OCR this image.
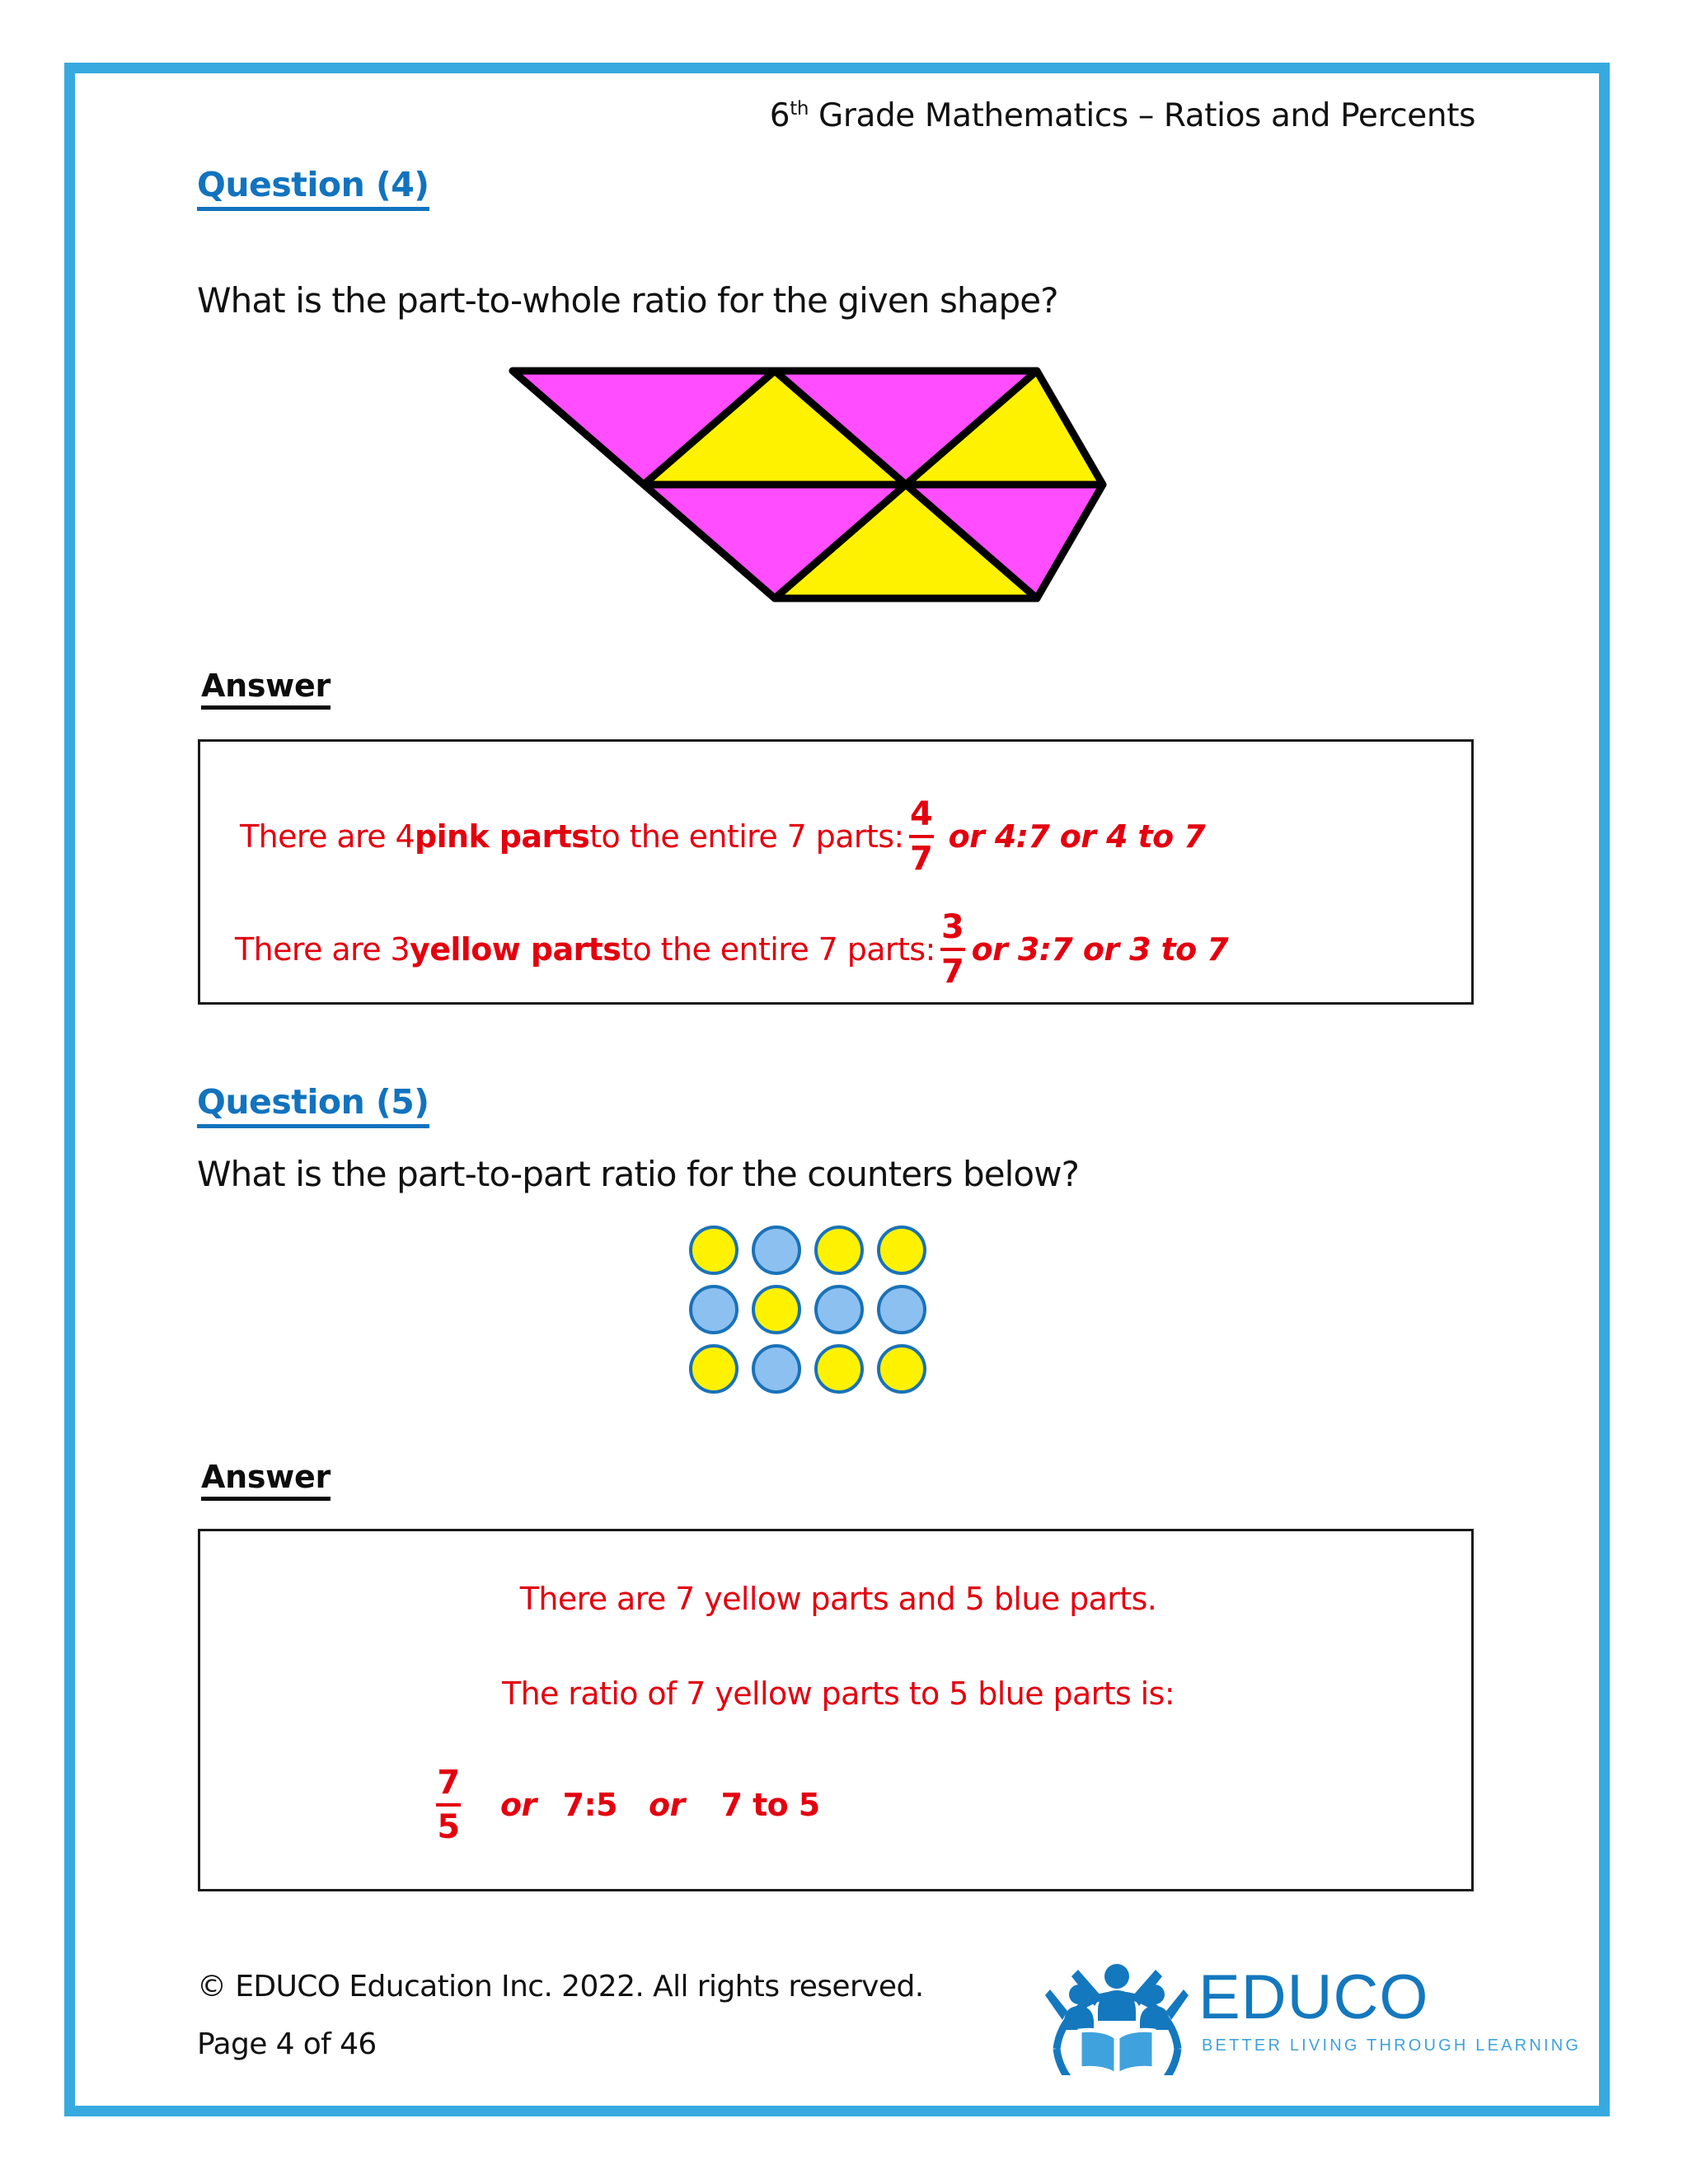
6th Grade Mathematics – Ratios and Percents
Question (4)
What is the part-to-whole ratio for the given shape?
Answer
There are 4 pink parts to the entire 7 parts: $\frac{4}{7}$ or 4:7 or 4 to 7
There are 3 yellow parts to the entire 7 parts: $\frac{3}{7}$ or 3:7 or 3 to 7
Question (5)
What is the part-to-part ratio for the counters below?
Answer
There are 7 yellow parts and 5 blue parts.
The ratio of 7 yellow parts to 5 blue parts is:
$\frac{7}{5}$ or 7:5 or 7 to 5
© EDUCO Education Inc. 2022. All rights reserved.
Page 4 of 46
EDUCO
BETTER LIVING THROUGH LEARNING
